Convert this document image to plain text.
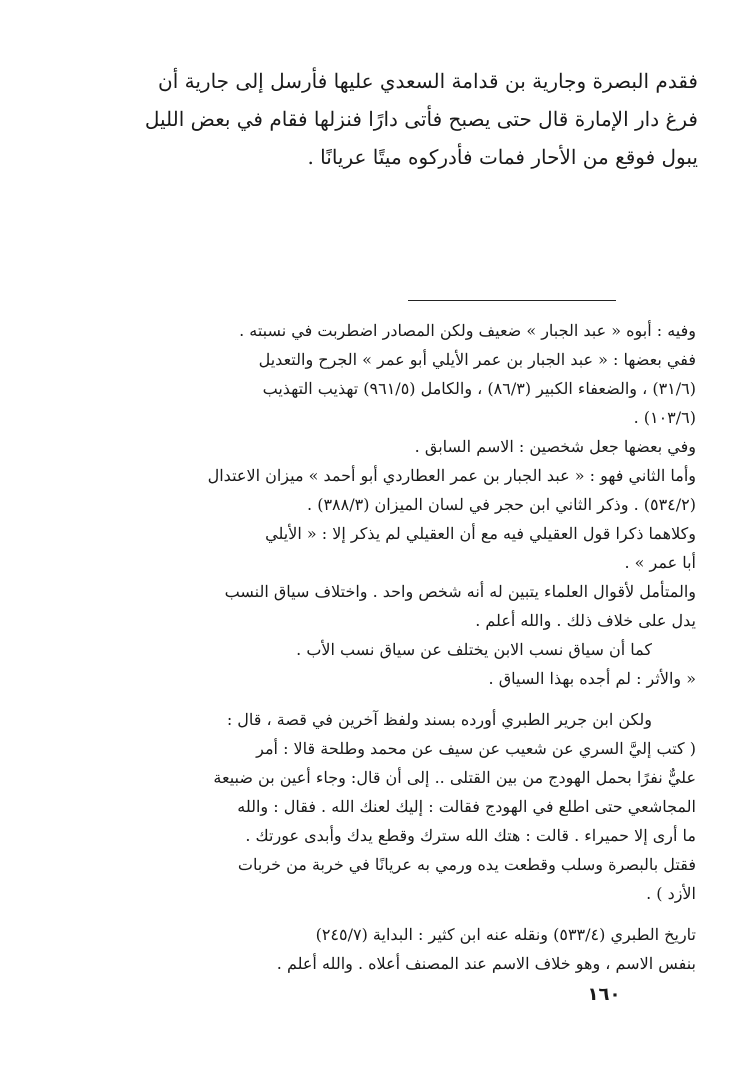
فقدم البصرة وجارية بن قدامة السعدي عليها فأرسل إلى جارية أن

فرغ دار الإمارة قال حتى يصبح فأتى دارًا فنزلها فقام في بعض الليل

يبول فوقع من الأحار فمات فأدركوه ميتًا عريانًا .

وفيه : أبوه « عبد الجبار » ضعيف ولكن المصادر اضطربت في نسبته .

ففي بعضها : « عبد الجبار بن عمر الأيلي أبو عمر » الجرح والتعديل

(٣١/٦) ، والضعفاء الكبير (٨٦/٣) ، والكامل (٩٦١/٥) تهذيب التهذيب

(١٠٣/٦) .

وفي بعضها جعل شخصين : الاسم السابق .

وأما الثاني فهو : « عبد الجبار بن عمر العطاردي أبو أحمد » ميزان الاعتدال

(٥٣٤/٢) . وذكر الثاني ابن حجر في لسان الميزان (٣٨٨/٣) .

وكلاهما ذكرا قول العقيلي فيه مع أن العقيلي لم يذكر إلا : « الأيلي

أبا عمر » .

والمتأمل لأقوال العلماء يتبين له أنه شخص واحد . واختلاف سياق النسب

يدل على خلاف ذلك . والله أعلم .

كما أن سياق نسب الابن يختلف عن سياق نسب الأب .

« والأثر : لم أجده بهذا السياق .

ولكن ابن جرير الطبري أورده بسند ولفظ آخرين في قصة ، قال :

( كتب إليَّ السري عن شعيب عن سيف عن محمد وطلحة قالا : أمر

عليٌّ نفرًا بحمل الهودج من بين القتلى .. إلى أن قال: وجاء أعين بن ضبيعة

المجاشعي حتى اطلع في الهودج فقالت : إليك لعنك الله . فقال : والله

ما أرى إلا حميراء . قالت : هتك الله سترك وقطع يدك وأبدى عورتك .

فقتل بالبصرة وسلب وقطعت يده ورمي به عريانًا في خربة من خربات

الأزد ) .

تاريخ الطبري (٥٣٣/٤) ونقله عنه ابن كثير : البداية (٢٤٥/٧)

بنفس الاسم ، وهو خلاف الاسم عند المصنف أعلاه . والله أعلم .

١٦٠
